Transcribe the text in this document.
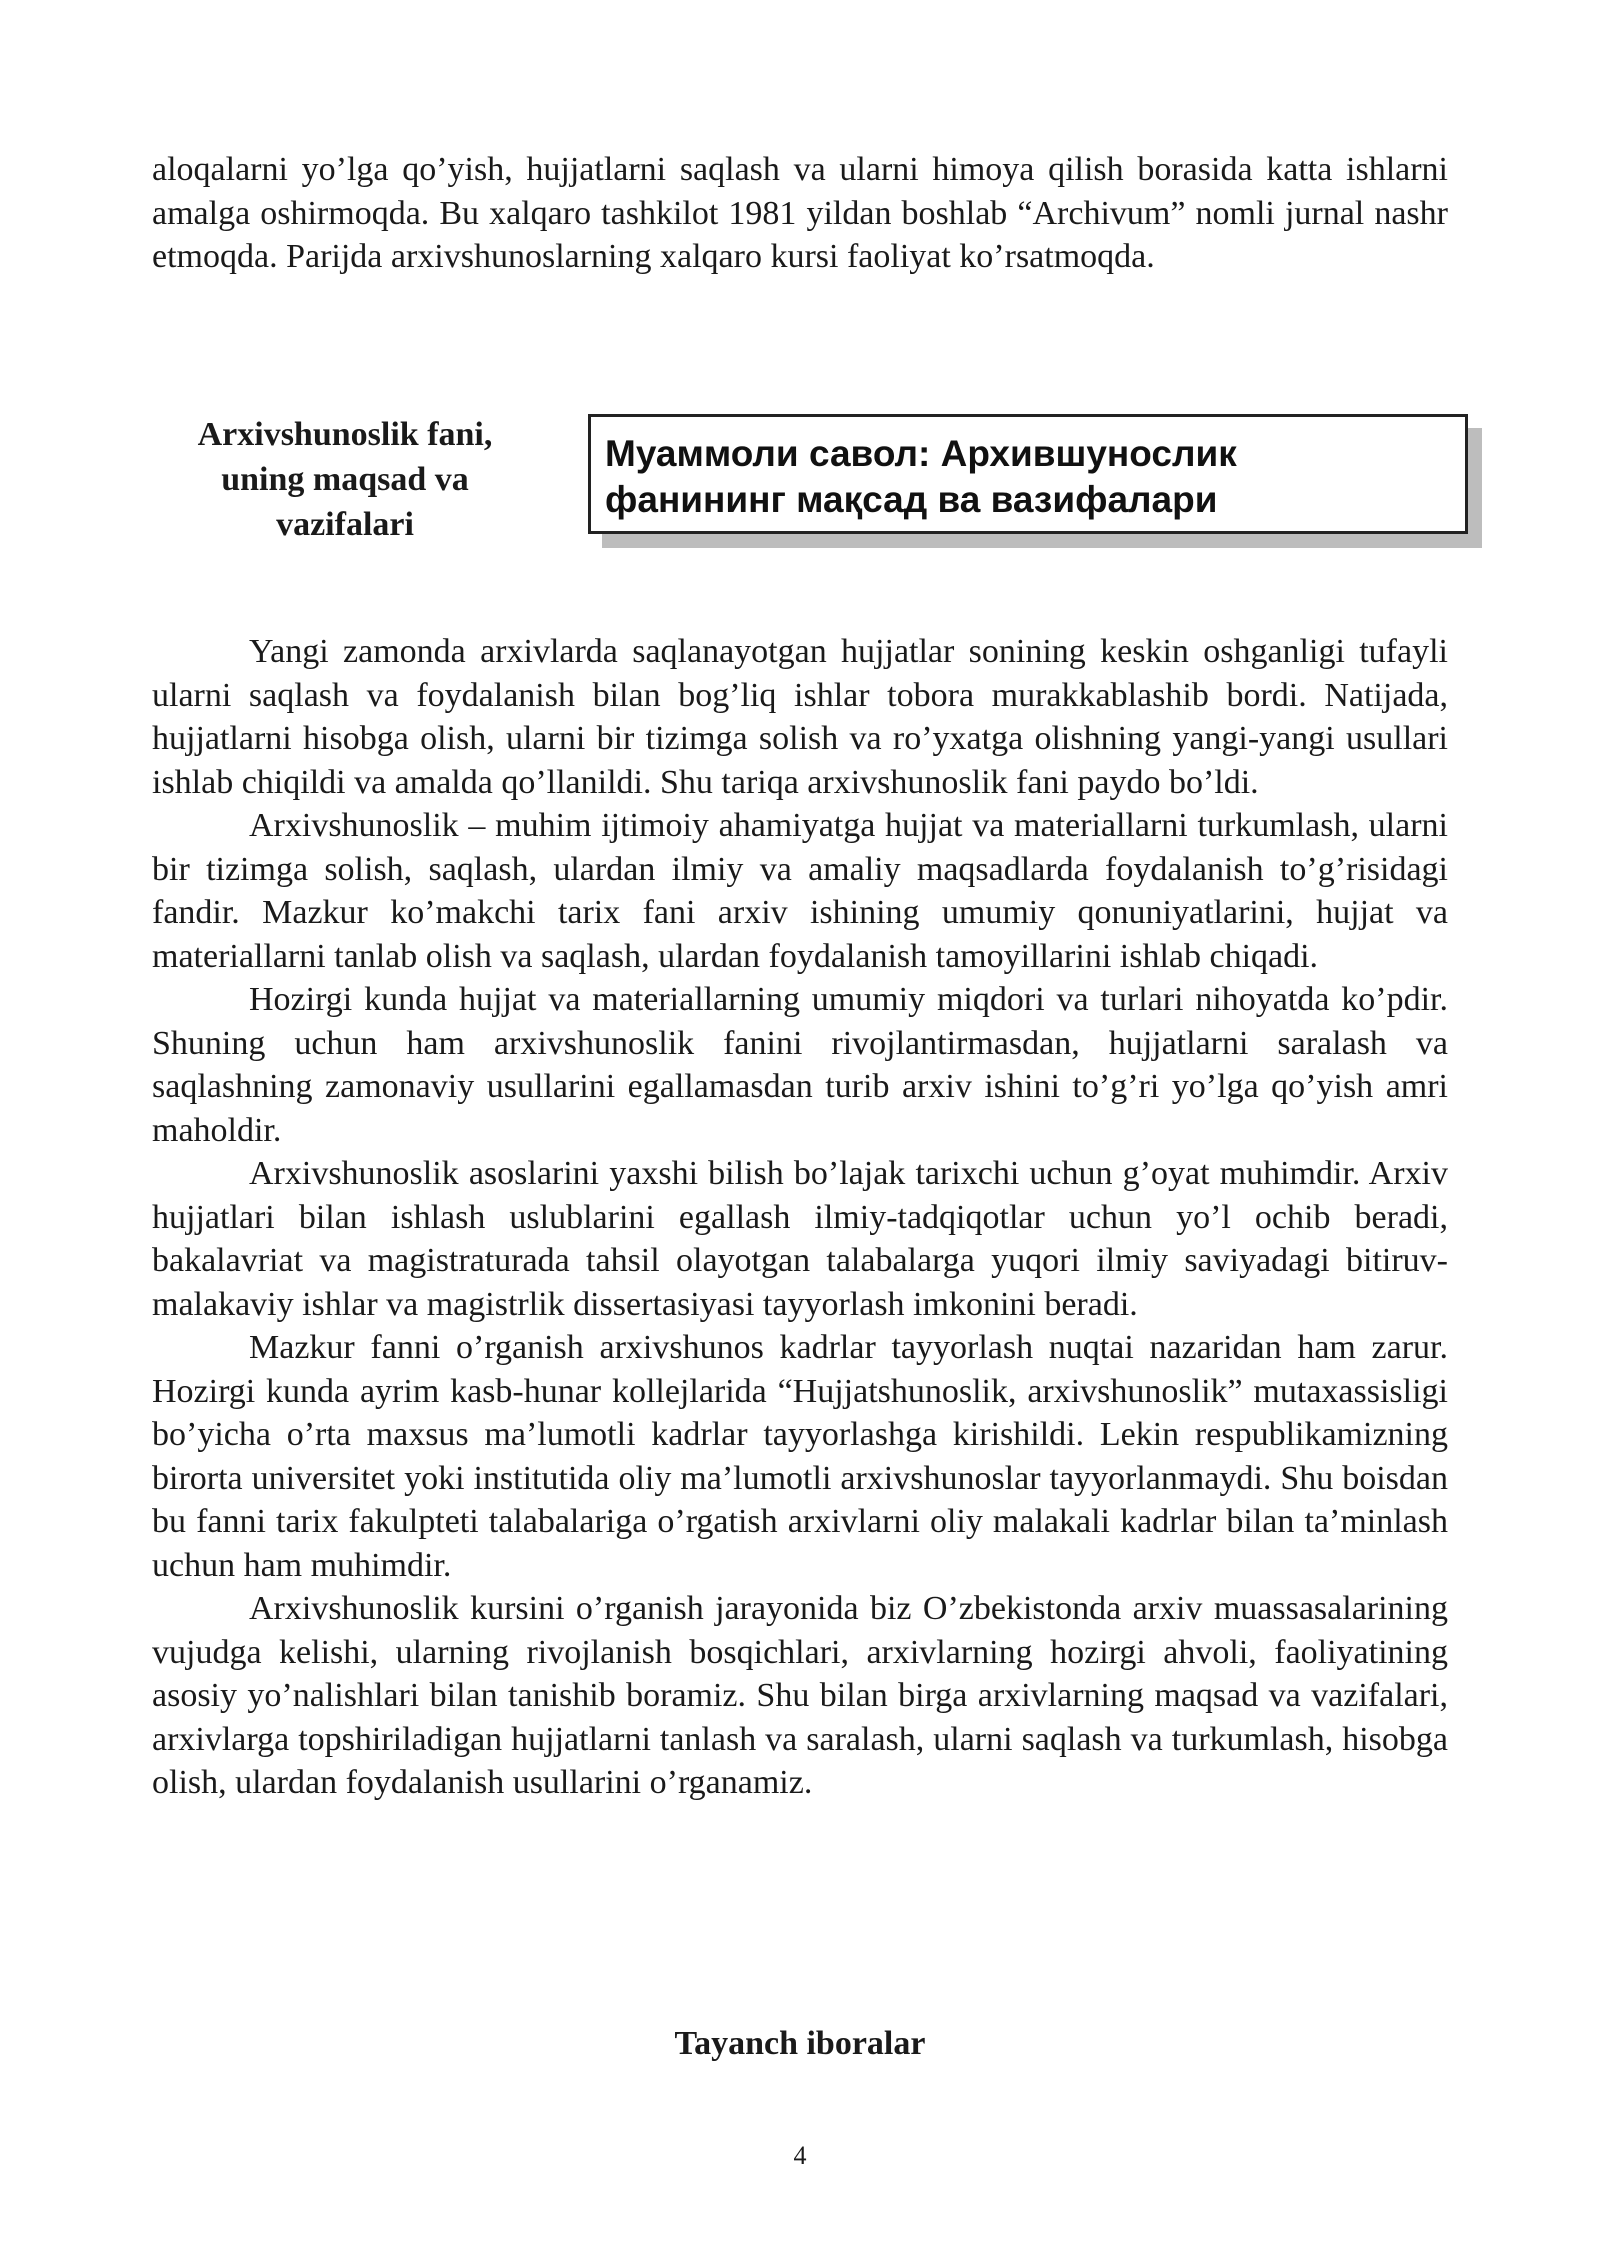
aloqalarni yo’lga qo’yish, hujjatlarni saqlash va ularni himoya qilish borasida katta ishlarni amalga oshirmoqda. Bu xalqaro tashkilot 1981 yildan boshlab “Archivum” nomli jurnal nashr etmoqda. Parijda arxivshunoslarning xalqaro kursi faoliyat ko’rsatmoqda.

Arxivshunoslik fani,
uning maqsad va
vazifalari
Муаммоли савол: Архившунослик
фанининг мақсад ва вазифалари

Yangi zamonda arxivlarda saqlanayotgan hujjatlar sonining keskin oshganligi tufayli ularni saqlash va foydalanish bilan bog’liq ishlar tobora murakkablashib bordi. Natijada, hujjatlarni hisobga olish, ularni bir tizimga solish va ro’yxatga olishning yangi-yangi usullari ishlab chiqildi va amalda qo’llanildi. Shu tariqa arxivshunoslik fani paydo bo’ldi.

Arxivshunoslik – muhim ijtimoiy ahamiyatga hujjat va materiallarni turkumlash, ularni bir tizimga solish, saqlash, ulardan ilmiy va amaliy maqsadlarda foydalanish to’g’risidagi fandir. Mazkur ko’makchi tarix fani arxiv ishining umumiy qonuniyatlarini, hujjat va materiallarni tanlab olish va saqlash, ulardan foydalanish tamoyillarini ishlab chiqadi.

Hozirgi kunda hujjat va materiallarning umumiy miqdori va turlari nihoyatda ko’pdir. Shuning uchun ham arxivshunoslik fanini rivojlantirmasdan, hujjatlarni saralash va saqlashning zamonaviy usullarini egallamasdan turib arxiv ishini to’g’ri yo’lga qo’yish amri maholdir.

Arxivshunoslik asoslarini yaxshi bilish bo’lajak tarixchi uchun g’oyat muhimdir. Arxiv hujjatlari bilan ishlash uslublarini egallash ilmiy-tadqiqotlar uchun yo’l ochib beradi, bakalavriat va magistraturada tahsil olayotgan talabalarga yuqori ilmiy saviyadagi bitiruv-malakaviy ishlar va magistrlik dissertasiyasi tayyorlash imkonini beradi.

Mazkur fanni o’rganish arxivshunos kadrlar tayyorlash nuqtai nazaridan ham zarur. Hozirgi kunda ayrim kasb-hunar kollejlarida “Hujjatshunoslik, arxivshunoslik” mutaxassisligi bo’yicha o’rta maxsus ma’lumotli kadrlar tayyorlashga kirishildi. Lekin respublikamizning birorta universitet yoki institutida oliy ma’lumotli arxivshunoslar tayyorlanmaydi. Shu boisdan bu fanni tarix fakulpteti talabalariga o’rgatish arxivlarni oliy malakali kadrlar bilan ta’minlash uchun ham muhimdir.

Arxivshunoslik kursini o’rganish jarayonida biz O’zbekistonda arxiv muassasalarining vujudga kelishi, ularning rivojlanish bosqichlari, arxivlarning hozirgi ahvoli, faoliyatining asosiy yo’nalishlari bilan tanishib boramiz. Shu bilan birga arxivlarning maqsad va vazifalari, arxivlarga topshiriladigan hujjatlarni tanlash va saralash, ularni saqlash va turkumlash, hisobga olish, ulardan foydalanish usullarini o’rganamiz.

Tayanch iboralar
4
